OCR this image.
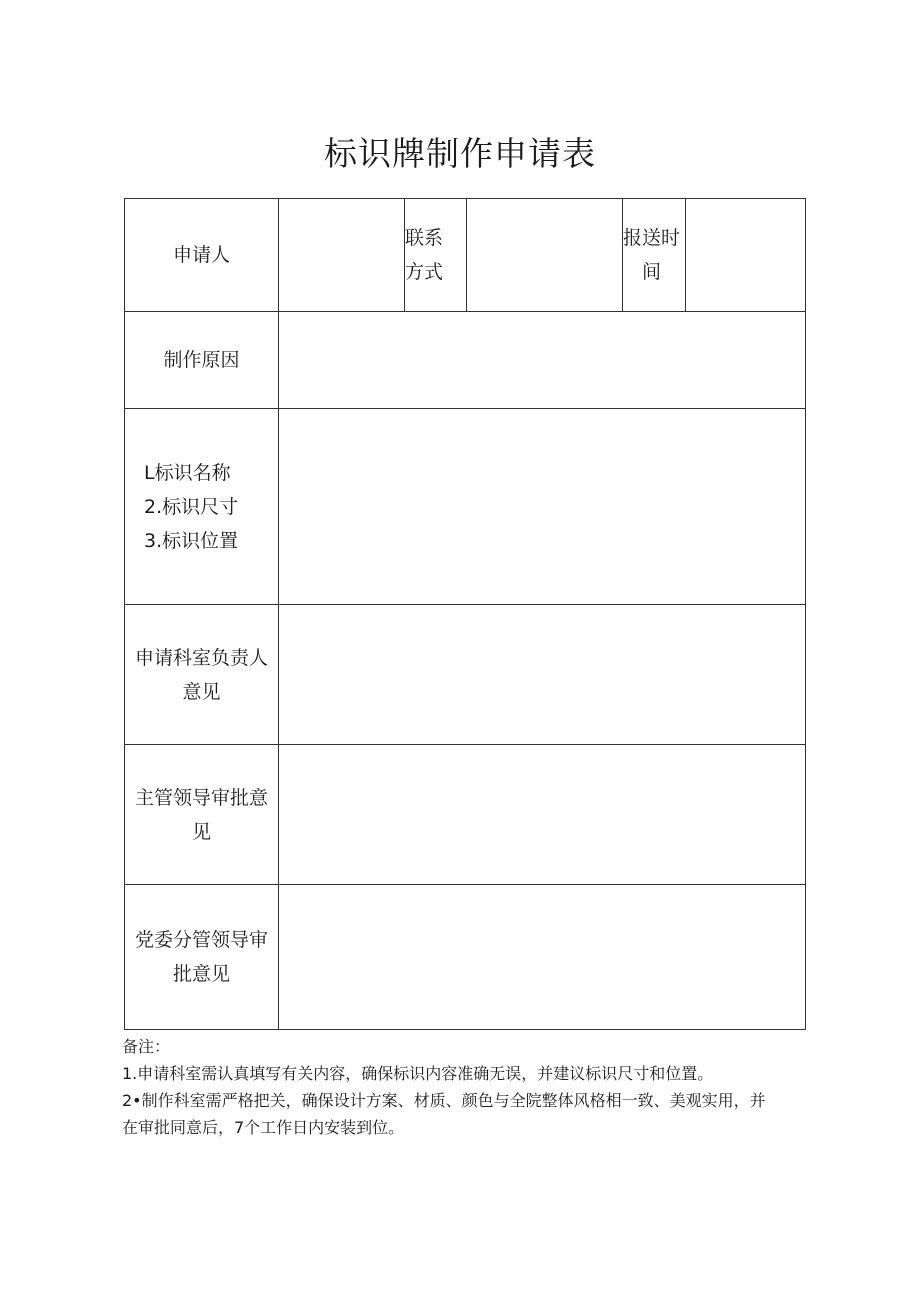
标识牌制作申请表
申请人		联系
方式		报送时
间	

制作原因					

L标识名称
2.标识尺寸
3.标识位置					

申请科室负责人
意见					

主管领导审批意
见					

党委分管领导审
批意见					

备注：
1.申请科室需认真填写有关内容，确保标识内容准确无误，并建议标识尺寸和位置。
2•制作科室需严格把关，确保设计方案、材质、颜色与全院整体风格相一致、美观实用，并
在审批同意后，7个工作日内安装到位。
